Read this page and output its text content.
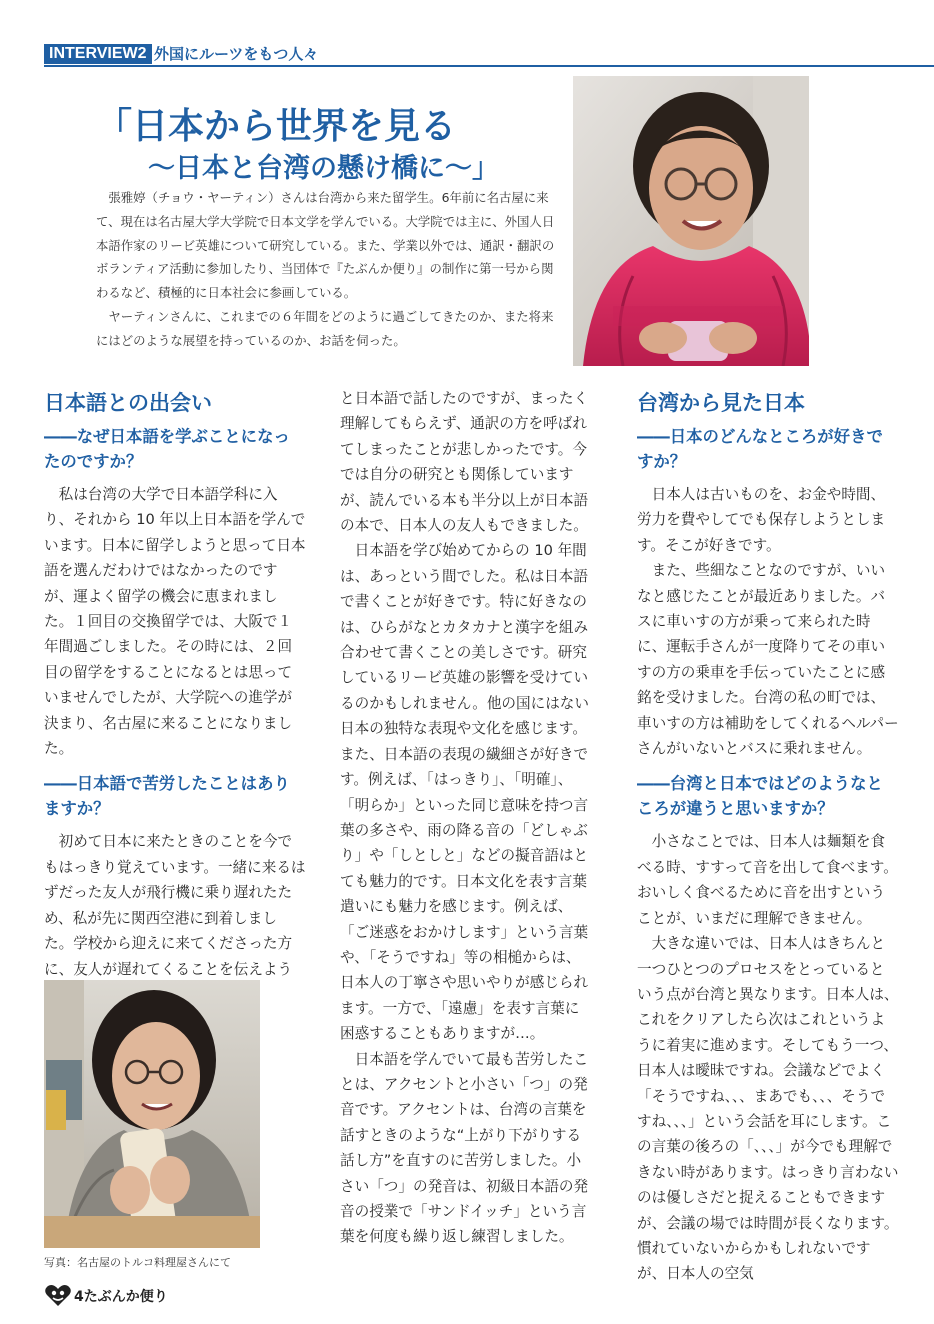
INTERVIEW2 外国にルーツをもつ人々
「日本から世界を見る
～日本と台湾の懸け橋に～」

張雅婷（チョウ・ヤーティン）さんは台湾から来た留学生。6年前に名古屋に来て、現在は名古屋大学大学院で日本文学を学んでいる。大学院では主に、外国人日本語作家のリービ英雄について研究している。また、学業以外では、通訳・翻訳のボランティア活動に参加したり、当団体で『たぶんか便り』の制作に第一号から関わるなど、積極的に日本社会に参画している。

ヤーティンさんに、これまでの６年間をどのように過ごしてきたのか、また将来にはどのような展望を持っているのか、お話を伺った。

日本語との出会い
――なぜ日本語を学ぶことになったのですか？

私は台湾の大学で日本語学科に入り、それから 10 年以上日本語を学んでいます。日本に留学しようと思って日本語を選んだわけではなかったのですが、運よく留学の機会に恵まれました。１回目の交換留学では、大阪で１年間過ごしました。その時には、２回目の留学をすることになるとは思っていませんでしたが、大学院への進学が決まり、名古屋に来ることになりました。

――日本語で苦労したことはありますか？

初めて日本に来たときのことを今でもはっきり覚えています。一緒に来るはずだった友人が飛行機に乗り遅れたため、私が先に関西空港に到着しました。学校から迎えに来てくださった方に、友人が遅れてくることを伝えよう

写真：名古屋のトルコ料理屋さんにて

と日本語で話したのですが、まったく理解してもらえず、通訳の方を呼ばれてしまったことが悲しかったです。今では自分の研究とも関係していますが、読んでいる本も半分以上が日本語の本で、日本人の友人もできました。

日本語を学び始めてからの 10 年間は、あっという間でした。私は日本語で書くことが好きです。特に好きなのは、ひらがなとカタカナと漢字を組み合わせて書くことの美しさです。研究しているリービ英雄の影響を受けているのかもしれません。他の国にはない日本の独特な表現や文化を感じます。また、日本語の表現の繊細さが好きです。例えば、「はっきり」、「明確」、「明らか」といった同じ意味を持つ言葉の多さや、雨の降る音の「どしゃぶり」や「しとしと」などの擬音語はとても魅力的です。日本文化を表す言葉遣いにも魅力を感じます。例えば、「ご迷惑をおかけします」という言葉や、「そうですね」等の相槌からは、日本人の丁寧さや思いやりが感じられます。一方で、「遠慮」を表す言葉に困惑することもありますが…。

日本語を学んでいて最も苦労したことは、アクセントと小さい「つ」の発音です。アクセントは、台湾の言葉を話すときのような“上がり下がりする話し方”を直すのに苦労しました。小さい「つ」の発音は、初級日本語の発音の授業で「サンドイッチ」という言葉を何度も繰り返し練習しました。

台湾から見た日本
――日本のどんなところが好きですか？

日本人は古いものを、お金や時間、労力を費やしてでも保存しようとします。そこが好きです。

また、些細なことなのですが、いいなと感じたことが最近ありました。バスに車いすの方が乗って来られた時に、運転手さんが一度降りてその車いすの方の乗車を手伝っていたことに感銘を受けました。台湾の私の町では、車いすの方は補助をしてくれるヘルパーさんがいないとバスに乗れません。

――台湾と日本ではどのようなところが違うと思いますか？

小さなことでは、日本人は麺類を食べる時、すすって音を出して食べます。おいしく食べるために音を出すということが、いまだに理解できません。

大きな違いでは、日本人はきちんと一つひとつのプロセスをとっているという点が台湾と異なります。日本人は、これをクリアしたら次はこれというように着実に進めます。そしてもう一つ、日本人は曖昧ですね。会議などでよく「そうですね、、、まあでも、、、そうですね、、、」という会話を耳にします。この言葉の後ろの「、、、」が今でも理解できない時があります。はっきり言わないのは優しさだと捉えることもできますが、会議の場では時間が長くなります。慣れていないからかもしれないですが、日本人の空気

4たぶんか便り
